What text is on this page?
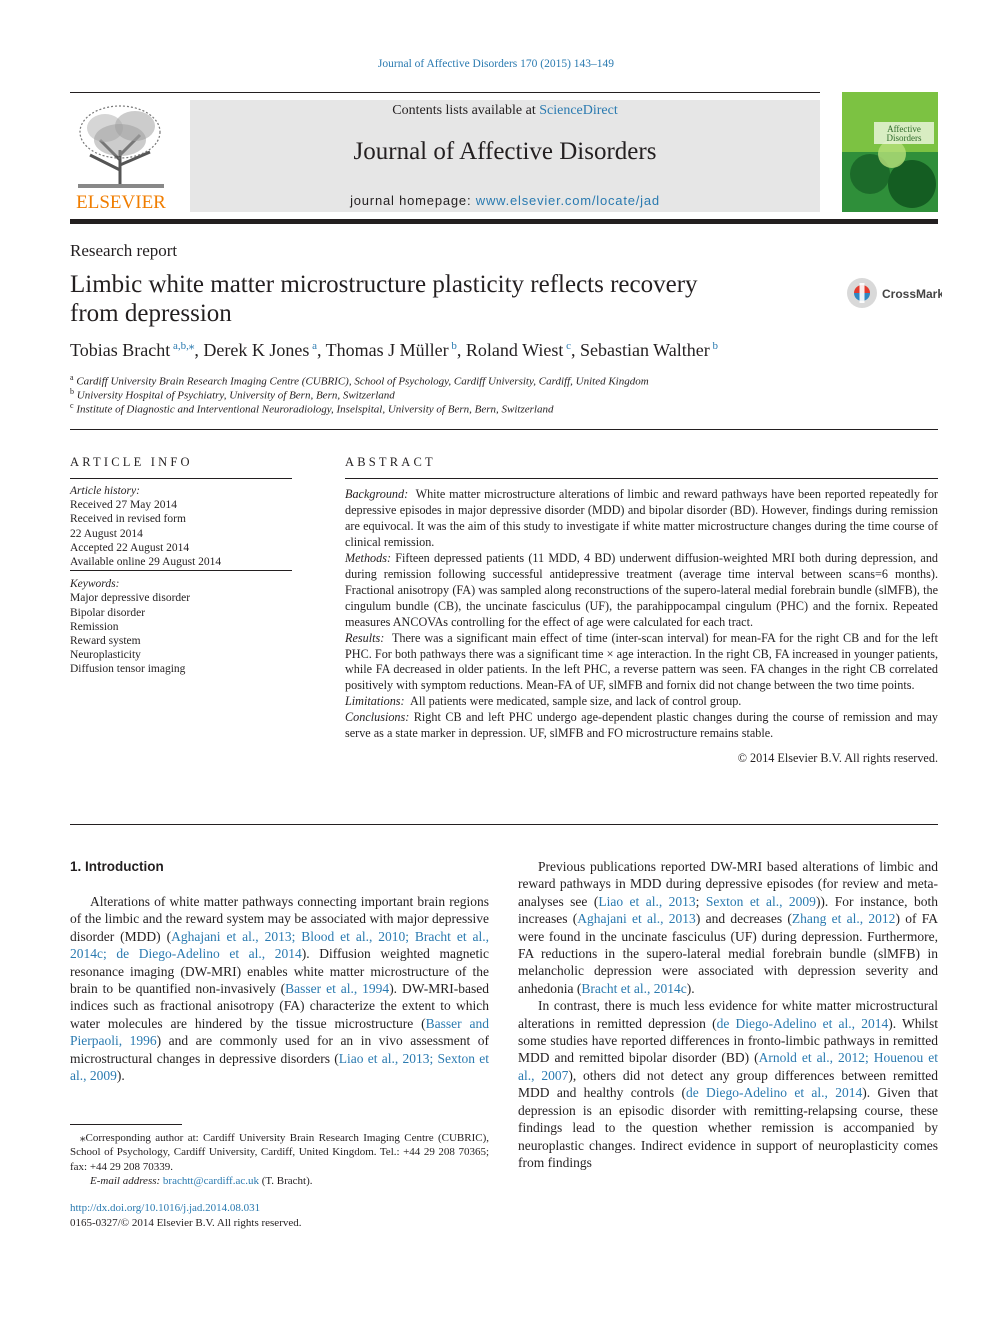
Journal of Affective Disorders 170 (2015) 143–149
ELSEVIER
Contents lists available at ScienceDirect
Journal of Affective Disorders
journal homepage: www.elsevier.com/locate/jad
Affective
Disorders
Research report
Limbic white matter microstructure plasticity reflects recovery
from depression
CrossMark
Tobias Bracht $^{a,b,⁎}$, Derek K Jones $^a$, Thomas J Müller $^b$, Roland Wiest $^c$, Sebastian Walther $^b$
$^a$ Cardiff University Brain Research Imaging Centre (CUBRIC), School of Psychology, Cardiff University, Cardiff, United Kingdom
$^b$ University Hospital of Psychiatry, University of Bern, Bern, Switzerland
$^c$ Institute of Diagnostic and Interventional Neuroradiology, Inselspital, University of Bern, Bern, Switzerland
ARTICLE INFO
Article history:
Received 27 May 2014
Received in revised form
22 August 2014
Accepted 22 August 2014
Available online 29 August 2014
Keywords:
Major depressive disorder
Bipolar disorder
Remission
Reward system
Neuroplasticity
Diffusion tensor imaging
ABSTRACT

Background: White matter microstructure alterations of limbic and reward pathways have been reported repeatedly for depressive episodes in major depressive disorder (MDD) and bipolar disorder (BD). However, findings during remission are equivocal. It was the aim of this study to investigate if white matter microstructure changes during the time course of clinical remission.

Methods: Fifteen depressed patients (11 MDD, 4 BD) underwent diffusion-weighted MRI both during depression, and during remission following successful antidepressive treatment (average time interval between scans=6 months). Fractional anisotropy (FA) was sampled along reconstructions of the supero-lateral medial forebrain bundle (slMFB), the cingulum bundle (CB), the uncinate fasciculus (UF), the parahippocampal cingulum (PHC) and the fornix. Repeated measures ANCOVAs controlling for the effect of age were calculated for each tract.

Results: There was a significant main effect of time (inter-scan interval) for mean-FA for the right CB and for the left PHC. For both pathways there was a significant time × age interaction. In the right CB, FA increased in younger patients, while FA decreased in older patients. In the left PHC, a reverse pattern was seen. FA changes in the right CB correlated positively with symptom reductions. Mean-FA of UF, slMFB and fornix did not change between the two time points.

Limitations: All patients were medicated, sample size, and lack of control group.

Conclusions: Right CB and left PHC undergo age-dependent plastic changes during the course of remission and may serve as a state marker in depression. UF, slMFB and FO microstructure remains stable.

© 2014 Elsevier B.V. All rights reserved.

1. Introduction

Alterations of white matter pathways connecting important brain regions of the limbic and the reward system may be associated with major depressive disorder (MDD) (Aghajani et al., 2013; Blood et al., 2010; Bracht et al., 2014c; de Diego-Adelino et al., 2014). Diffusion weighted magnetic resonance imaging (DW-MRI) enables white matter microstructure of the brain to be quantified non-invasively (Basser et al., 1994). DW-MRI-based indices such as fractional anisotropy (FA) characterize the extent to which water molecules are hindered by the tissue microstructure (Basser and Pierpaoli, 1996) and are commonly used for an in vivo assessment of microstructural changes in depressive disorders (Liao et al., 2013; Sexton et al., 2009).

⁎Corresponding author at: Cardiff University Brain Research Imaging Centre (CUBRIC), School of Psychology, Cardiff University, Cardiff, United Kingdom. Tel.: +44 29 208 70365; fax: +44 29 208 70339.
E-mail address: brachtt@cardiff.ac.uk (T. Bracht).
http://dx.doi.org/10.1016/j.jad.2014.08.031
0165-0327/© 2014 Elsevier B.V. All rights reserved.

Previous publications reported DW-MRI based alterations of limbic and reward pathways in MDD during depressive episodes (for review and meta-analyses see (Liao et al., 2013; Sexton et al., 2009)). For instance, both increases (Aghajani et al., 2013) and decreases (Zhang et al., 2012) of FA were found in the uncinate fasciculus (UF) during depression. Furthermore, FA reductions in the supero-lateral medial forebrain bundle (slMFB) in melancholic depression were associated with depression severity and anhedonia (Bracht et al., 2014c).

In contrast, there is much less evidence for white matter microstructural alterations in remitted depression (de Diego-Adelino et al., 2014). Whilst some studies have reported differences in fronto-limbic pathways in remitted MDD and remitted bipolar disorder (BD) (Arnold et al., 2012; Houenou et al., 2007), others did not detect any group differences between remitted MDD and healthy controls (de Diego-Adelino et al., 2014). Given that depression is an episodic disorder with remitting-relapsing course, these findings lead to the question whether remission is accompanied by neuroplastic changes. Indirect evidence in support of neuroplasticity comes from findings
